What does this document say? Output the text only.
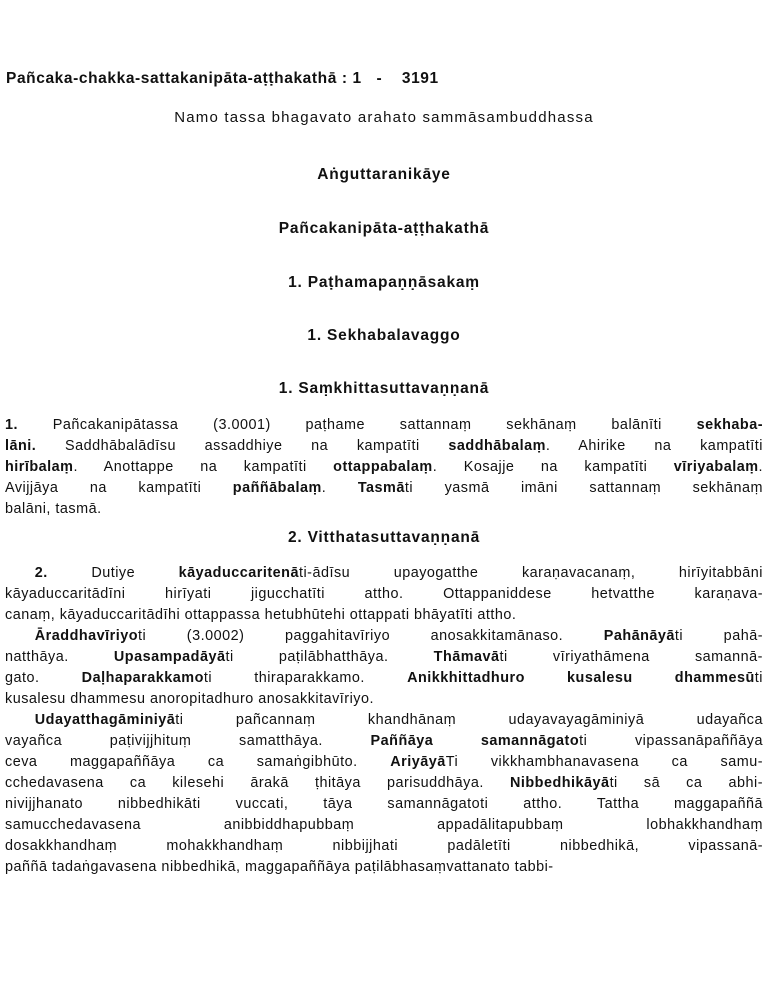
Pañcaka-chakka-sattakanipāta-aṭṭhakathā : 1   -    3191
Namo tassa bhagavato arahato sammāsambuddhassa
Aṅguttaranikāye
Pañcakanipāta-aṭṭhakathā
1. Paṭhamapaṇṇāsakaṃ
1. Sekhabalavaggo
1. Saṃkhittasuttavaṇṇanā
1. Pañcakanipātassa (3.0001) paṭhame sattannaṃ sekhānaṃ balānīti sekhaba-
lāni. Saddhābalādīsu assaddhiye na kampatīti saddhābalaṃ. Ahirike na kampatīti
hirībalaṃ. Anottappe na kampatīti ottappabalaṃ. Kosajje na kampatīti vīriyabalaṃ.
Avijjāya na kampatīti paññābalaṃ. Tasmāti yasmā imāni sattannaṃ sekhānaṃ
balāni, tasmā.
2. Vitthatasuttavaṇṇanā
  2. Dutiye kāyaduccaritenāti-ādīsu upayogatthe karaṇavacanaṃ, hirīyitabbāni
kāyaduccaritādīni hirīyati jigucchatīti attho. Ottappaniddese hetvatthe karaṇava-
canaṃ, kāyaduccaritādīhi ottappassa hetubhūtehi ottappati bhāyatīti attho.
  Āraddhavīriyoti (3.0002) paggahitavīriyo anosakkitamānaso. Pahānāyāti pahā-
natthāya. Upasampadāyāti paṭilābhatthāya. Thāmavāti vīriyathāmena samannā-
gato. Daḷhaparakkamoti thiraparakkamo. Anikkhittadhuro kusalesu dhammesūti
kusalesu dhammesu anoropitadhuro anosakkitavīriyo.
  Udayatthagāminiyāti pañcannaṃ khandhānaṃ udayavayagāminiyā udayañca
vayañca paṭivijjhituṃ samatthāya. Paññāya samannāgatoti vipassanāpaññāya
ceva maggapaññāya ca samaṅgibhūto. AriyāyāTi vikkhambhanavasena ca samu-
cchedavasena ca kilesehi ārakā ṭhitāya parisuddhāya. Nibbedhikāyāti sā ca abhi-
nivijjhanato nibbedhikāti vuccati, tāya samannāgatoti attho. Tattha maggapaññā
samucchedavasena anibbiddhapubbaṃ appadālitapubbaṃ lobhakkhandhaṃ
dosakkhandhaṃ mohakkhandhaṃ nibbijjhati padāletīti nibbedhikā, vipassanā-
paññā tadaṅgavasena nibbedhikā, maggapaññāya paṭilābhasaṃvattanato tabbi-
